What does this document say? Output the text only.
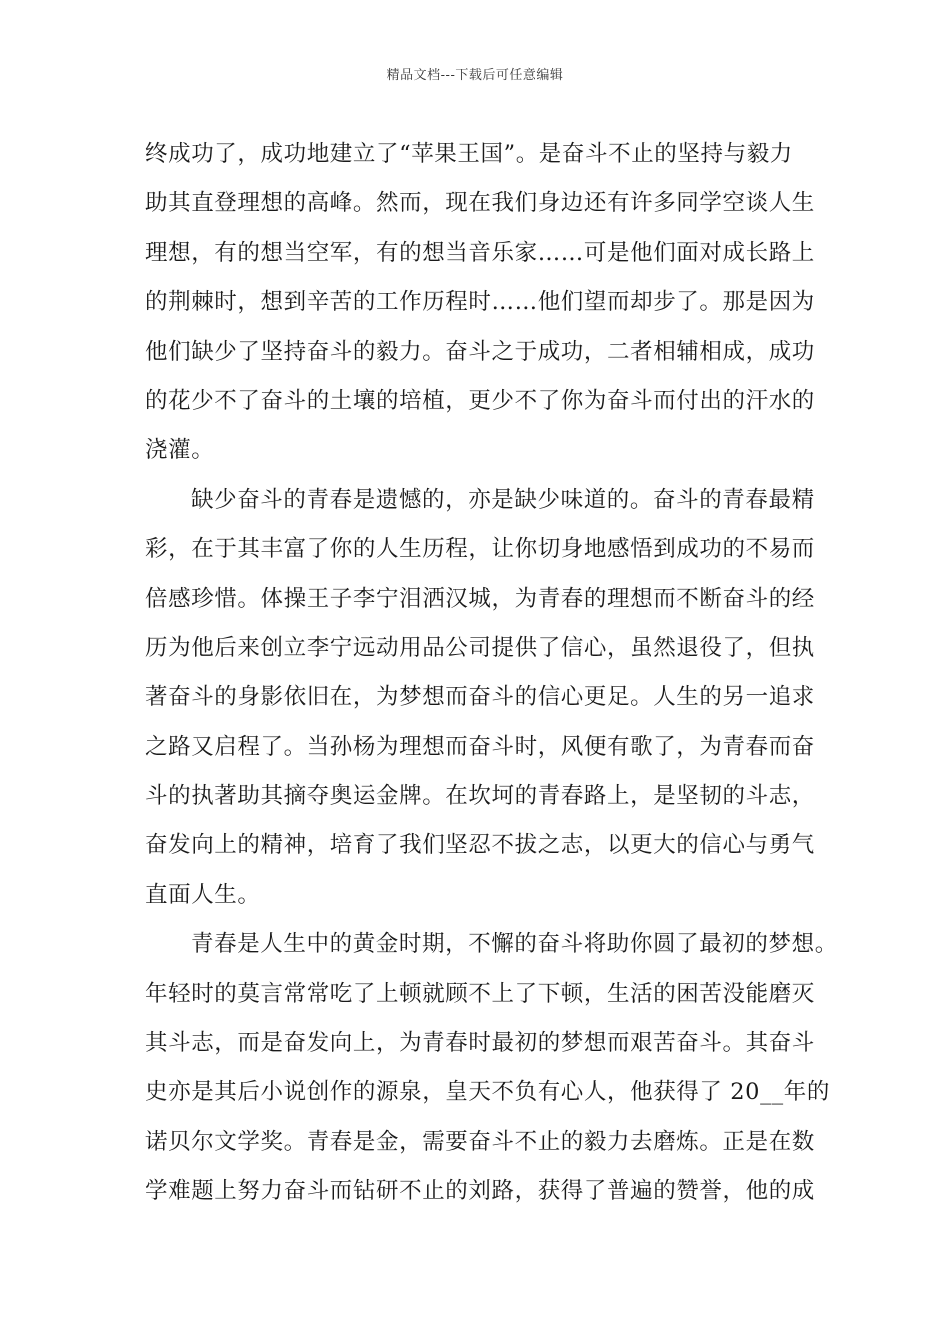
精品文档---下载后可任意编辑
终成功了，成功地建立了“苹果王国”。是奋斗不止的坚持与毅力
助其直登理想的高峰。然而，现在我们身边还有许多同学空谈人生
理想，有的想当空军，有的想当音乐家……可是他们面对成长路上
的荆棘时，想到辛苦的工作历程时……他们望而却步了。那是因为
他们缺少了坚持奋斗的毅力。奋斗之于成功，二者相辅相成，成功
的花少不了奋斗的土壤的培植，更少不了你为奋斗而付出的汗水的
浇灌。
缺少奋斗的青春是遗憾的，亦是缺少味道的。奋斗的青春最精
彩，在于其丰富了你的人生历程，让你切身地感悟到成功的不易而
倍感珍惜。体操王子李宁泪洒汉城，为青春的理想而不断奋斗的经
历为他后来创立李宁远动用品公司提供了信心，虽然退役了，但执
著奋斗的身影依旧在，为梦想而奋斗的信心更足。人生的另一追求
之路又启程了。当孙杨为理想而奋斗时，风便有歌了，为青春而奋
斗的执著助其摘夺奥运金牌。在坎坷的青春路上，是坚韧的斗志，
奋发向上的精神，培育了我们坚忍不拔之志，以更大的信心与勇气
直面人生。
青春是人生中的黄金时期，不懈的奋斗将助你圆了最初的梦想。
年轻时的莫言常常吃了上顿就顾不上了下顿，生活的困苦没能磨灭
其斗志，而是奋发向上，为青春时最初的梦想而艰苦奋斗。其奋斗
史亦是其后小说创作的源泉，皇天不负有心人，他获得了 20__年的
诺贝尔文学奖。青春是金，需要奋斗不止的毅力去磨炼。正是在数
学难题上努力奋斗而钻研不止的刘路，获得了普遍的赞誉，他的成
